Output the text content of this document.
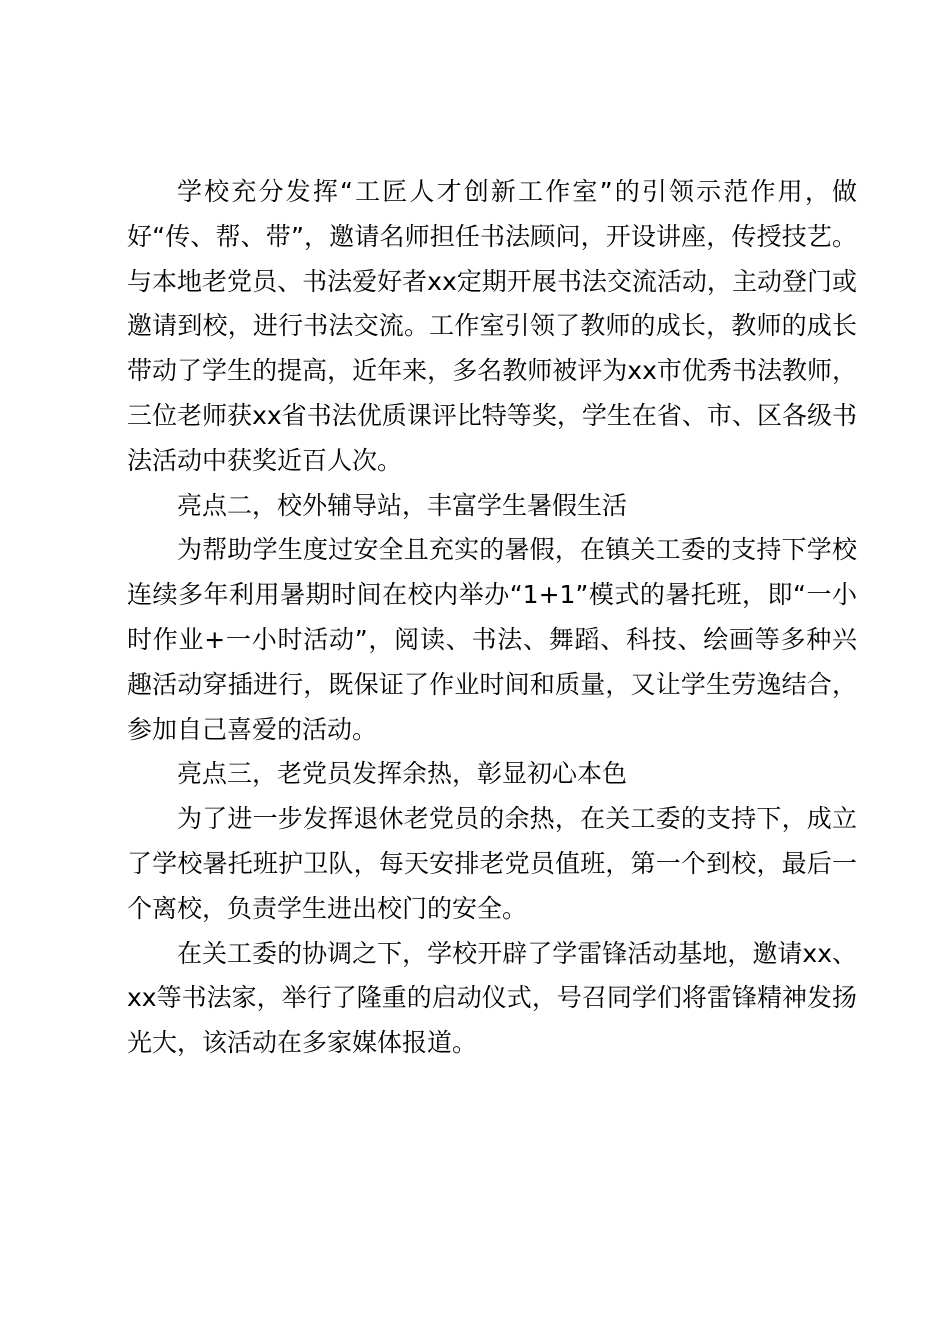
学校充分发挥“工匠人才创新工作室”的引领示范作用，做好“传、帮、带”，邀请名师担任书法顾问，开设讲座，传授技艺。与本地老党员、书法爱好者xx定期开展书法交流活动，主动登门或邀请到校，进行书法交流。工作室引领了教师的成长，教师的成长带动了学生的提高，近年来，多名教师被评为xx市优秀书法教师，三位老师获xx省书法优质课评比特等奖，学生在省、市、区各级书法活动中获奖近百人次。

亮点二，校外辅导站，丰富学生暑假生活

为帮助学生度过安全且充实的暑假，在镇关工委的支持下学校连续多年利用暑期时间在校内举办“1+1”模式的暑托班，即“一小时作业+一小时活动”，阅读、书法、舞蹈、科技、绘画等多种兴趣活动穿插进行，既保证了作业时间和质量，又让学生劳逸结合，参加自己喜爱的活动。

亮点三，老党员发挥余热，彰显初心本色

为了进一步发挥退休老党员的余热，在关工委的支持下，成立了学校暑托班护卫队，每天安排老党员值班，第一个到校，最后一个离校，负责学生进出校门的安全。

在关工委的协调之下，学校开辟了学雷锋活动基地，邀请xx、xx等书法家，举行了隆重的启动仪式，号召同学们将雷锋精神发扬光大，该活动在多家媒体报道。
